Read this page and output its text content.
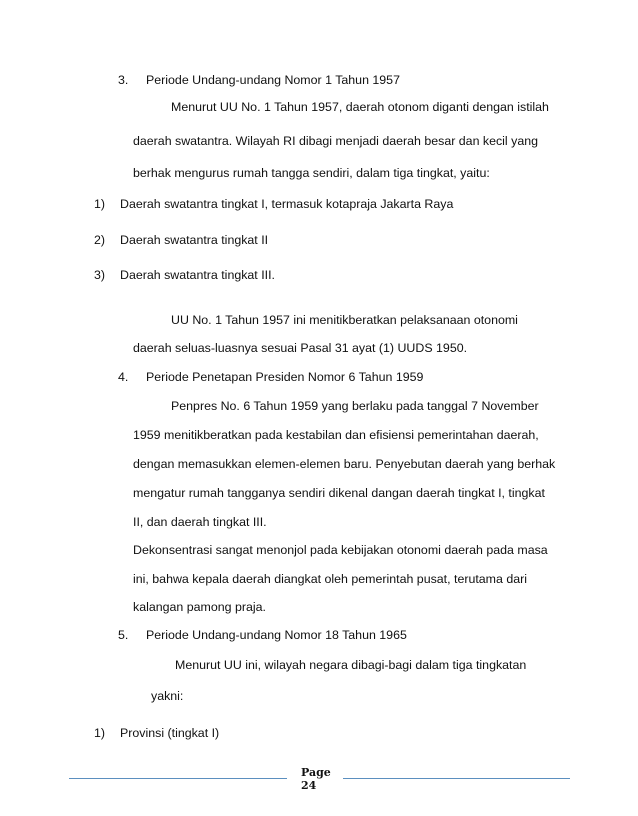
3. Periode Undang-undang Nomor 1 Tahun 1957
Menurut UU No. 1 Tahun 1957, daerah otonom diganti dengan istilah
daerah swatantra. Wilayah RI dibagi menjadi daerah besar dan kecil yang
berhak mengurus rumah tangga sendiri, dalam tiga tingkat, yaitu:
1) Daerah swatantra tingkat I, termasuk kotapraja Jakarta Raya
2) Daerah swatantra tingkat II
3) Daerah swatantra tingkat III.
UU No. 1 Tahun 1957 ini menitikberatkan pelaksanaan otonomi
daerah seluas-luasnya sesuai Pasal 31 ayat (1) UUDS 1950.
4. Periode Penetapan Presiden Nomor 6 Tahun 1959
Penpres No. 6 Tahun 1959 yang berlaku pada tanggal 7 November
1959 menitikberatkan pada kestabilan dan efisiensi pemerintahan daerah,
dengan memasukkan elemen-elemen baru. Penyebutan daerah yang berhak
mengatur rumah tangganya sendiri dikenal dangan daerah tingkat I, tingkat
II, dan daerah tingkat III.
Dekonsentrasi sangat menonjol pada kebijakan otonomi daerah pada masa
ini, bahwa kepala daerah diangkat oleh pemerintah pusat, terutama dari
kalangan pamong praja.
5. Periode Undang-undang Nomor 18 Tahun 1965
Menurut UU ini, wilayah negara dibagi-bagi dalam tiga tingkatan
yakni:
1) Provinsi (tingkat I)
Page
24
